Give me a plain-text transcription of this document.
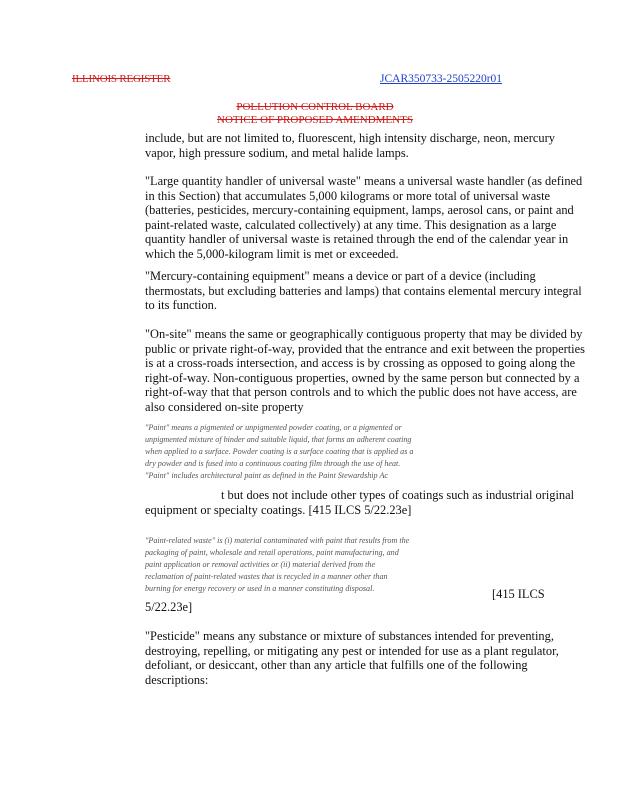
ILLINOIS REGISTER	JCAR350733-2505220r01
POLLUTION CONTROL BOARD
NOTICE OF PROPOSED AMENDMENTS

include, but are not limited to, fluorescent, high intensity discharge, neon, mercury vapor, high pressure sodium, and metal halide lamps.

"Large quantity handler of universal waste" means a universal waste handler (as defined in this Section) that accumulates 5,000 kilograms or more total of universal waste (batteries, pesticides, mercury-containing equipment, lamps, aerosol cans, or paint and paint-related waste, calculated collectively) at any time. This designation as a large quantity handler of universal waste is retained through the end of the calendar year in which the 5,000-kilogram limit is met or exceeded.

"Mercury-containing equipment" means a device or part of a device (including thermostats, but excluding batteries and lamps) that contains elemental mercury integral to its function.

"On-site" means the same or geographically contiguous property that may be divided by public or private right-of-way, provided that the entrance and exit between the properties is at a cross-roads intersection, and access is by crossing as opposed to going along the right-of-way. Non-contiguous properties, owned by the same person but connected by a right-of-way that that person controls and to which the public does not have access, are also considered on-site property

"Paint" means a pigmented or unpigmented powder coating, or a pigmented or unpigmented mixture of binder and suitable liquid, that forms an adherent coating when applied to a surface. Powder coating is a surface coating that is applied as a dry powder and is fused into a continuous coating film through the use of heat. "Paint" includes architectural paint as defined in the Paint Stewardship Ac

t but does not include other types of coatings such as industrial original equipment or specialty coatings. [415 ILCS 5/22.23e]

"Paint-related waste" is (i) material contaminated with paint that results from the packaging of paint, wholesale and retail operations, paint manufacturing, and paint application or removal activities or (ii) material derived from the reclamation of paint-related wastes that is recycled in a manner other than burning for energy recovery or used in a manner constituting disposal.	[415 ILCS
5/22.23e]

"Pesticide" means any substance or mixture of substances intended for preventing, destroying, repelling, or mitigating any pest or intended for use as a plant regulator, defoliant, or desiccant, other than any article that fulfills one of the following descriptions:
